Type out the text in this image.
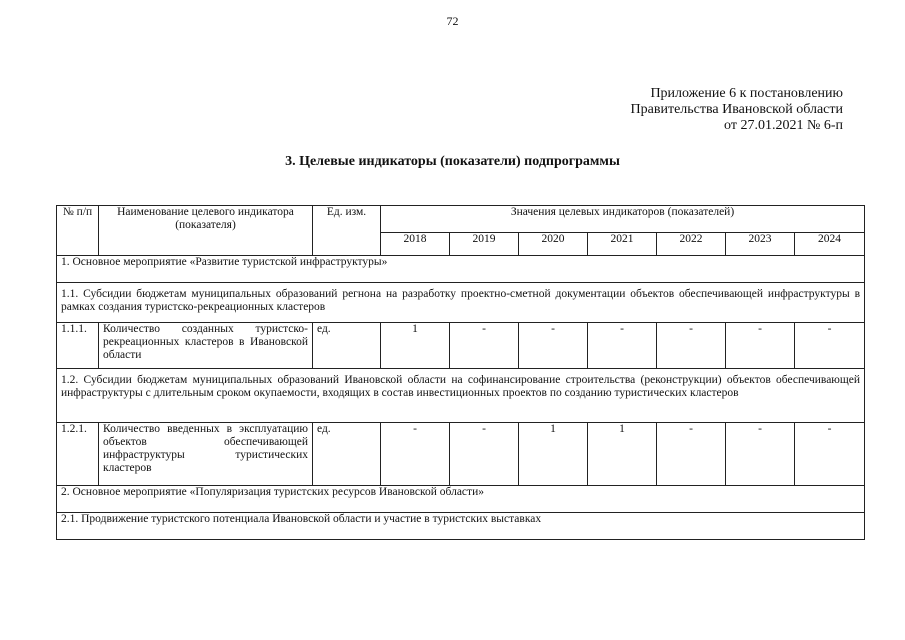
72
Приложение 6 к постановлению
Правительства Ивановской области
от 27.01.2021 № 6-п
3. Целевые индикаторы (показатели) подпрограммы
№ п/п	Наименование целевого индикатора (показателя)	Ед. изм.	Значения целевых индикаторов (показателей)						
			2018	2019	2020	2021	2022	2023	2024
1. Основное мероприятие «Развитие туристской инфраструктуры»									
1.1. Субсидии бюджетам муниципальных образований регнона на разработку проектно-сметной документации объектов обеспечивающей инфраструктуры в рамках создания туристско-рекреационных кластеров									
1.1.1.	Количество созданных туристско-рекреационных кластеров в Ивановской области	ед.	1	-	-	-	-	-	-
1.2. Субсидии бюджетам муниципальных образований Ивановской области на софинансирование строительства (реконструкции) объектов обеспечивающей инфраструктуры с длительным сроком окупаемости, входящих в состав инвестиционных проектов по созданию туристических кластеров									
1.2.1.	Количество введенных в эксплуатацию объектов обеспечивающей инфраструктуры туристических кластеров	ед.	-	-	1	1	-	-	-
2. Основное мероприятие «Популяризация туристских ресурсов Ивановской области»									
2.1. Продвижение туристского потенциала Ивановской области и участие в туристских выставках									
